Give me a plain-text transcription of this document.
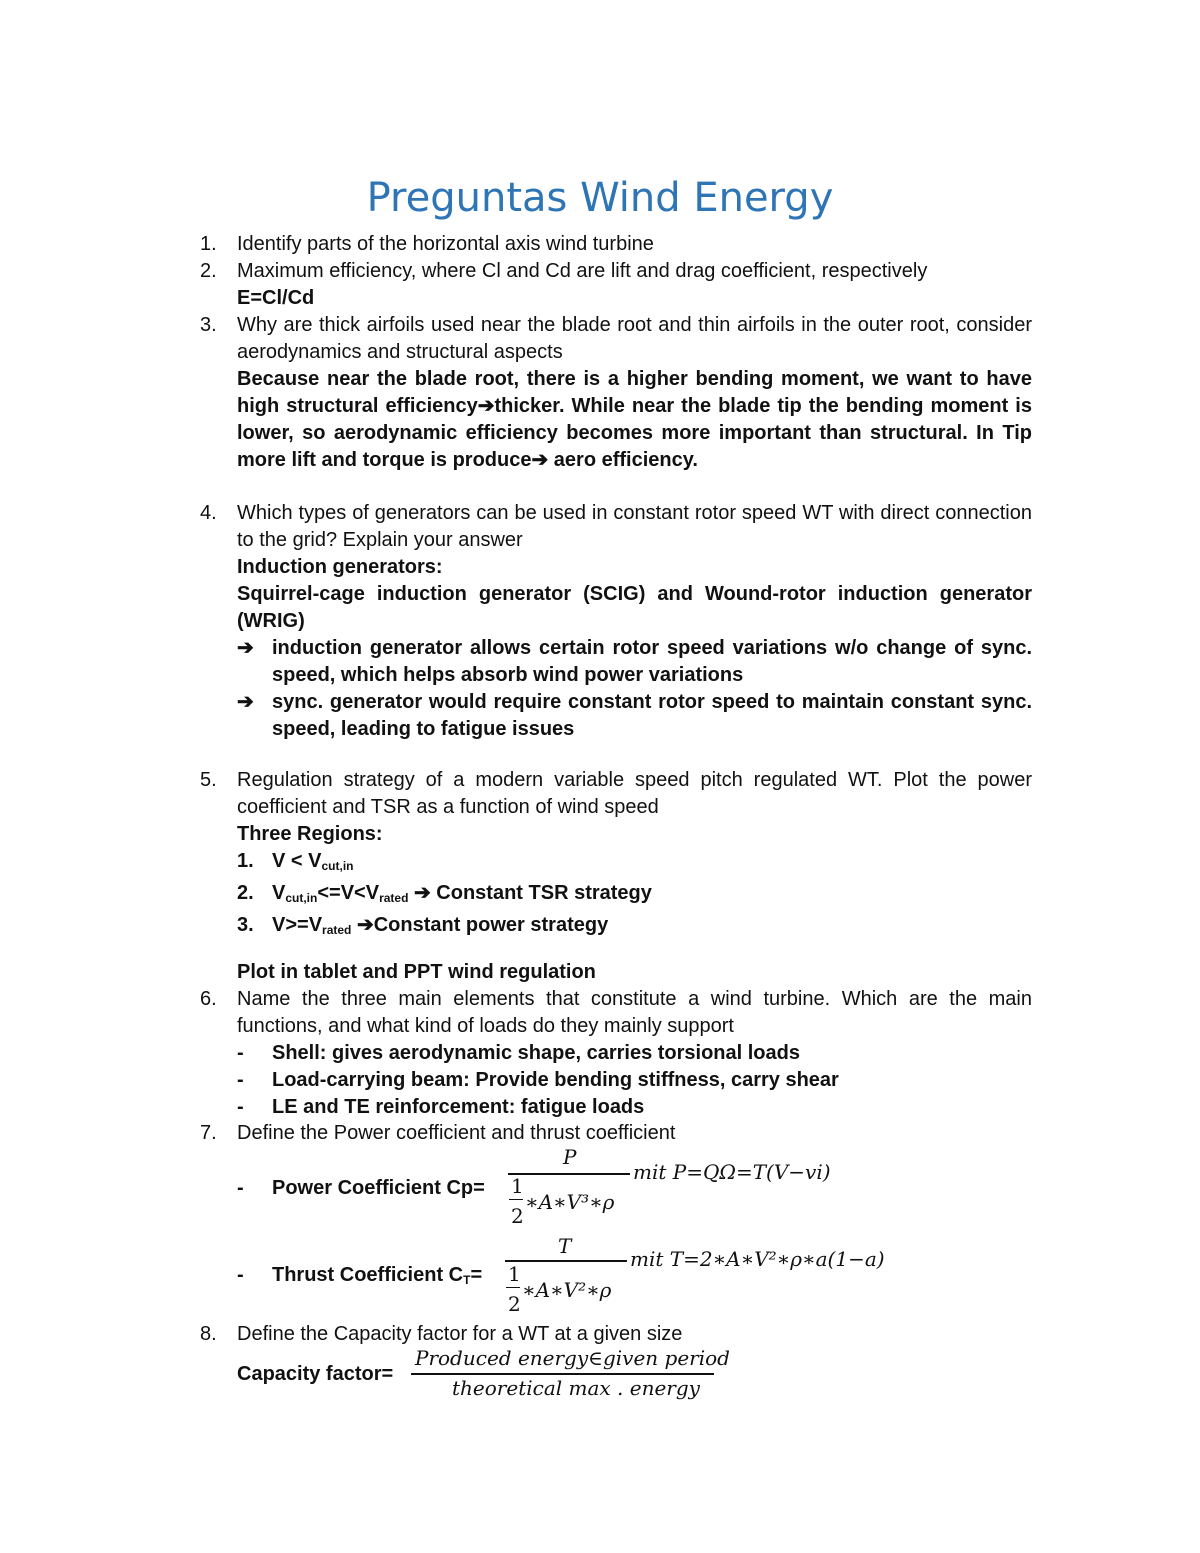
Preguntas Wind Energy
1.	Identify parts of the horizontal axis wind turbine
2.	Maximum efficiency, where Cl and Cd are lift and drag coefficient, respectively
E=Cl/Cd
3.	Why are thick airfoils used near the blade root and thin airfoils in the outer root, consider aerodynamics and structural aspects
Because near the blade root, there is a higher bending moment, we want to have high structural efficiency➔thicker. While near the blade tip the bending moment is lower, so aerodynamic efficiency becomes more important than structural. In Tip more lift and torque is produce➔ aero efficiency.
4.	Which types of generators can be used in constant rotor speed WT with direct connection to the grid? Explain your answer
Induction generators:
Squirrel-cage induction generator (SCIG) and Wound-rotor induction generator (WRIG)
➔ induction generator allows certain rotor speed variations w/o change of sync. speed, which helps absorb wind power variations
➔ sync. generator would require constant rotor speed to maintain constant sync. speed, leading to fatigue issues
5.	Regulation strategy of a modern variable speed pitch regulated WT. Plot the power coefficient and TSR as a function of wind speed
Three Regions:
1. $V < V_{cut,in}$
2. $V_{cut,in}<=V<V_{rated}$ ➔ Constant TSR strategy
3. $V>=V_{rated}$ ➔Constant power strategy
Plot in tablet and PPT wind regulation
6.	Name the three main elements that constitute a wind turbine. Which are the main functions, and what kind of loads do they mainly support
- Shell: gives aerodynamic shape, carries torsional loads
- Load-carrying beam: Provide bending stiffness, carry shear
- LE and TE reinforcement: fatigue loads
7.	Define the Power coefficient and thrust coefficient
- Power Coefficient Cp=
P
mit P=QΩ=T(V−vi)
1
2
∗A∗V³∗ρ
- Thrust Coefficient $C_T=$
T
mit T=2∗A∗V²∗ρ∗a(1−a)
1
2
∗A∗V²∗ρ
8.	Define the Capacity factor for a WT at a given size
Capacity factor=
Produced energy∈given period
theoretical max . energy
